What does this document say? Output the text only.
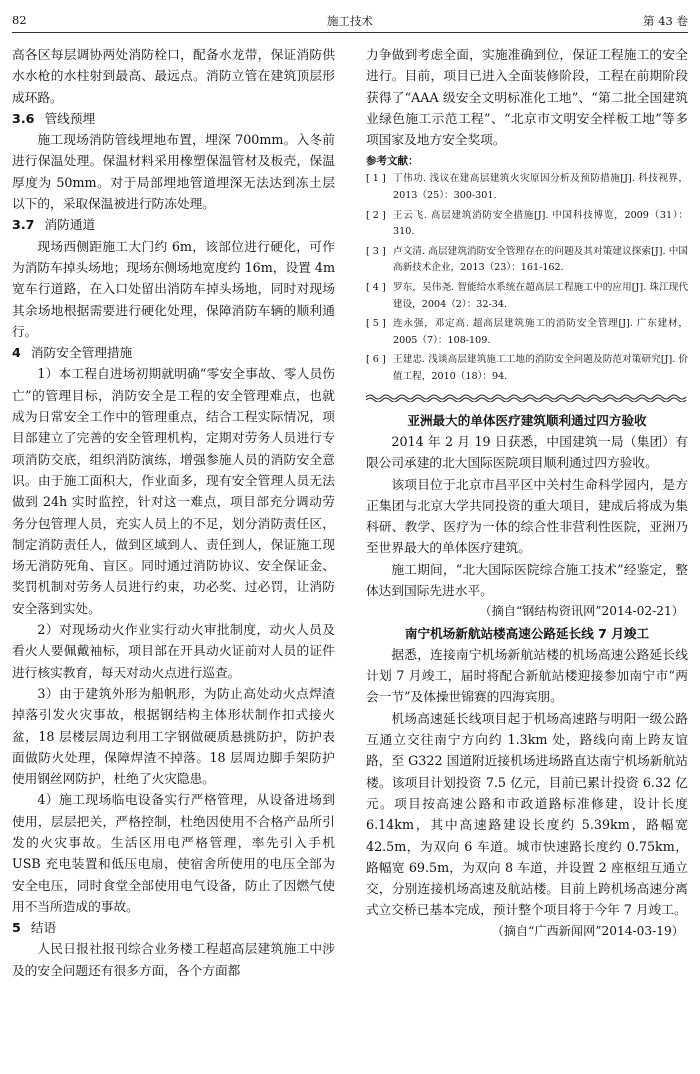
82	施工技术	第 43 卷

高各区每层调协两处消防栓口，配备水龙带，保证消防供水水枪的水柱射到最高、最远点。消防立管在建筑顶层形成环路。

3.6 管线预埋

施工现场消防管线埋地布置，埋深 700mm。入冬前进行保温处理。保温材料采用橡塑保温管材及板壳，保温厚度为 50mm。对于局部埋地管道埋深无法达到冻土层以下的，采取保温被进行防冻处理。

3.7 消防通道

现场西侧距施工大门约 6m，该部位进行硬化，可作为消防车掉头场地；现场东侧场地宽度约 16m，设置 4m 宽车行道路，在入口处留出消防车掉头场地，同时对现场其余场地根据需要进行硬化处理，保障消防车辆的顺利通行。

4 消防安全管理措施

1）本工程自进场初期就明确“零安全事故、零人员伤亡”的管理目标，消防安全是工程的安全管理难点，也就成为日常安全工作中的管理重点，结合工程实际情况，项目部建立了完善的安全管理机构，定期对劳务人员进行专项消防交底，组织消防演练，增强参施人员的消防安全意识。由于施工面积大，作业面多，现有安全管理人员无法做到 24h 实时监控，针对这一难点，项目部充分调动劳务分包管理人员，充实人员上的不足，划分消防责任区，制定消防责任人，做到区域到人、责任到人，保证施工现场无消防死角、盲区。同时通过消防协议、安全保证金、奖罚机制对劳务人员进行约束，功必奖、过必罚，让消防安全落到实处。

2）对现场动火作业实行动火审批制度，动火人员及看火人要佩戴袖标，项目部在开具动火证前对人员的证件进行核实教育，每天对动火点进行巡查。

3）由于建筑外形为船帆形，为防止高处动火点焊渣掉落引发火灾事故，根据钢结构主体形状制作扣式接火盆，18 层楼层周边利用工字钢做硬质悬挑防护，防护表面做防火处理，保障焊渣不掉落。18 层周边脚手架防护使用钢丝网防护，杜绝了火灾隐患。

4）施工现场临电设备实行严格管理，从设备进场到使用，层层把关，严格控制，杜绝因使用不合格产品所引发的火灾事故。生活区用电严格管理，率先引入手机 USB 充电装置和低压电扇，使宿舍所使用的电压全部为安全电压，同时食堂全部使用电气设备，防止了因燃气使用不当所造成的事故。

5 结语

人民日报社报刊综合业务楼工程超高层建筑施工中涉及的安全问题还有很多方面，各个方面都

力争做到考虑全面，实施准确到位，保证工程施工的安全进行。目前，项目已进入全面装修阶段，工程在前期阶段获得了“AAA 级安全文明标准化工地”、“第二批全国建筑业绿色施工示范工程”、“北京市文明安全样板工地”等多项国家及地方安全奖项。

参考文献：
[ 1 ] 丁伟功. 浅议在建高层建筑火灾原因分析及预防措施[J]. 科技视界，2013（25）：300-301.
[ 2 ] 王云飞. 高层建筑消防安全措施[J]. 中国科技博览，2009（31）：310.
[ 3 ] 卢文清. 高层建筑消防安全管理存在的问题及其对策建议探索[J]. 中国高新技术企业，2013（23）：161-162.
[ 4 ] 罗东，吴伟尧. 智能给水系统在超高层工程施工中的应用[J]. 珠江现代建设，2004（2）：32-34.
[ 5 ] 连永强，邓定高. 超高层建筑施工的消防安全管理[J]. 广东建材，2005（7）：108-109.
[ 6 ] 王建忠. 浅谈高层建筑施工工地的消防安全问题及防范对策研究[J]. 价值工程，2010（18）：94.
亚洲最大的单体医疗建筑顺利通过四方验收

2014 年 2 月 19 日获悉，中国建筑一局（集团）有限公司承建的北大国际医院项目顺利通过四方验收。

该项目位于北京市昌平区中关村生命科学园内，是方正集团与北京大学共同投资的重大项目，建成后将成为集科研、教学、医疗为一体的综合性非营利性医院，亚洲乃至世界最大的单体医疗建筑。

施工期间，“北大国际医院综合施工技术”经鉴定，整体达到国际先进水平。

（摘自“钢结构资讯网”2014-02-21）
南宁机场新航站楼高速公路延长线 7 月竣工

据悉，连接南宁机场新航站楼的机场高速公路延长线计划 7 月竣工，届时将配合新航站楼迎接参加南宁市“两会一节”及体操世锦赛的四海宾朋。

机场高速延长线项目起于机场高速路与明阳一级公路互通立交往南宁方向约 1.3km 处，路线向南上跨友谊路，至 G322 国道附近接机场进场路直达南宁机场新航站楼。该项目计划投资 7.5 亿元，目前已累计投资 6.32 亿元。项目按高速公路和市政道路标准修建，设计长度 6.14km，其中高速路建设长度约 5.39km，路幅宽 42.5m，为双向 6 车道。城市快速路长度约 0.75km，路幅宽 69.5m，为双向 8 车道，并设置 2 座枢纽互通立交，分别连接机场高速及航站楼。目前上跨机场高速分离式立交桥已基本完成，预计整个项目将于今年 7 月竣工。

（摘自“广西新闻网”2014-03-19）
